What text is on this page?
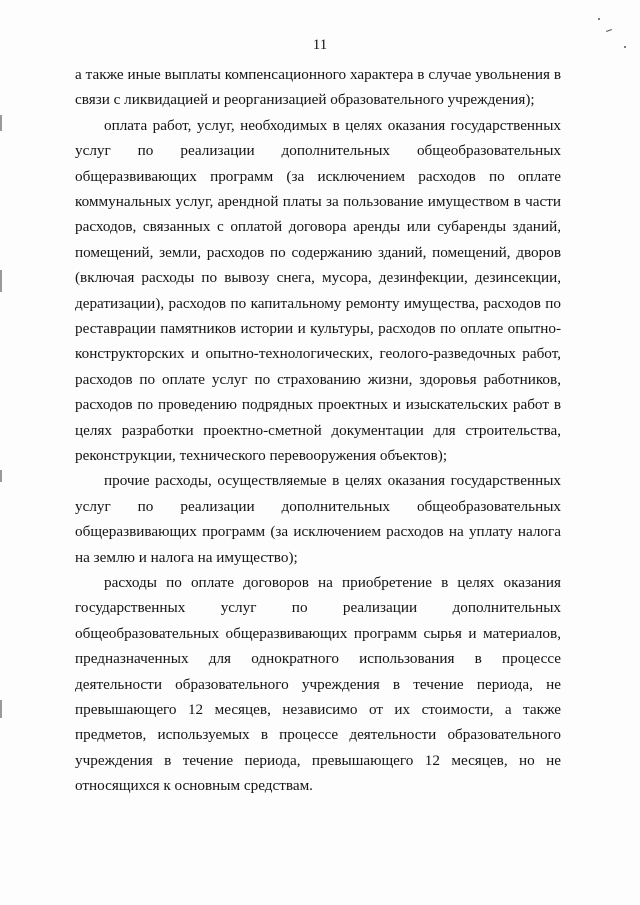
11
а также иные выплаты компенсационного характера в случае увольнения в
связи с ликвидацией и реорганизацией образовательного учреждения);
оплата работ, услуг, необходимых в целях оказания государственных
услуг по реализации дополнительных общеобразовательных
общеразвивающих программ (за исключением расходов по оплате
коммунальных услуг, арендной платы за пользование имуществом в части
расходов, связанных с оплатой договора аренды или субаренды зданий,
помещений, земли, расходов по содержанию зданий, помещений, дворов
(включая расходы по вывозу снега, мусора, дезинфекции, дезинсекции,
дератизации), расходов по капитальному ремонту имущества, расходов по
реставрации памятников истории и культуры, расходов по оплате опытно-
конструкторских и опытно-технологических, геолого-разведочных работ,
расходов по оплате услуг по страхованию жизни, здоровья работников,
расходов по проведению подрядных проектных и изыскательских работ в
целях разработки проектно-сметной документации для строительства,
реконструкции, технического перевооружения объектов);
прочие расходы, осуществляемые в целях оказания государственных
услуг по реализации дополнительных общеобразовательных
общеразвивающих программ (за исключением расходов на уплату налога
на землю и налога на имущество);
расходы по оплате договоров на приобретение в целях оказания
государственных услуг по реализации дополнительных
общеобразовательных общеразвивающих программ сырья и материалов,
предназначенных для однократного использования в процессе
деятельности образовательного учреждения в течение периода, не
превышающего 12 месяцев, независимо от их стоимости, а также
предметов, используемых в процессе деятельности образовательного
учреждения в течение периода, превышающего 12 месяцев, но не
относящихся к основным средствам.
